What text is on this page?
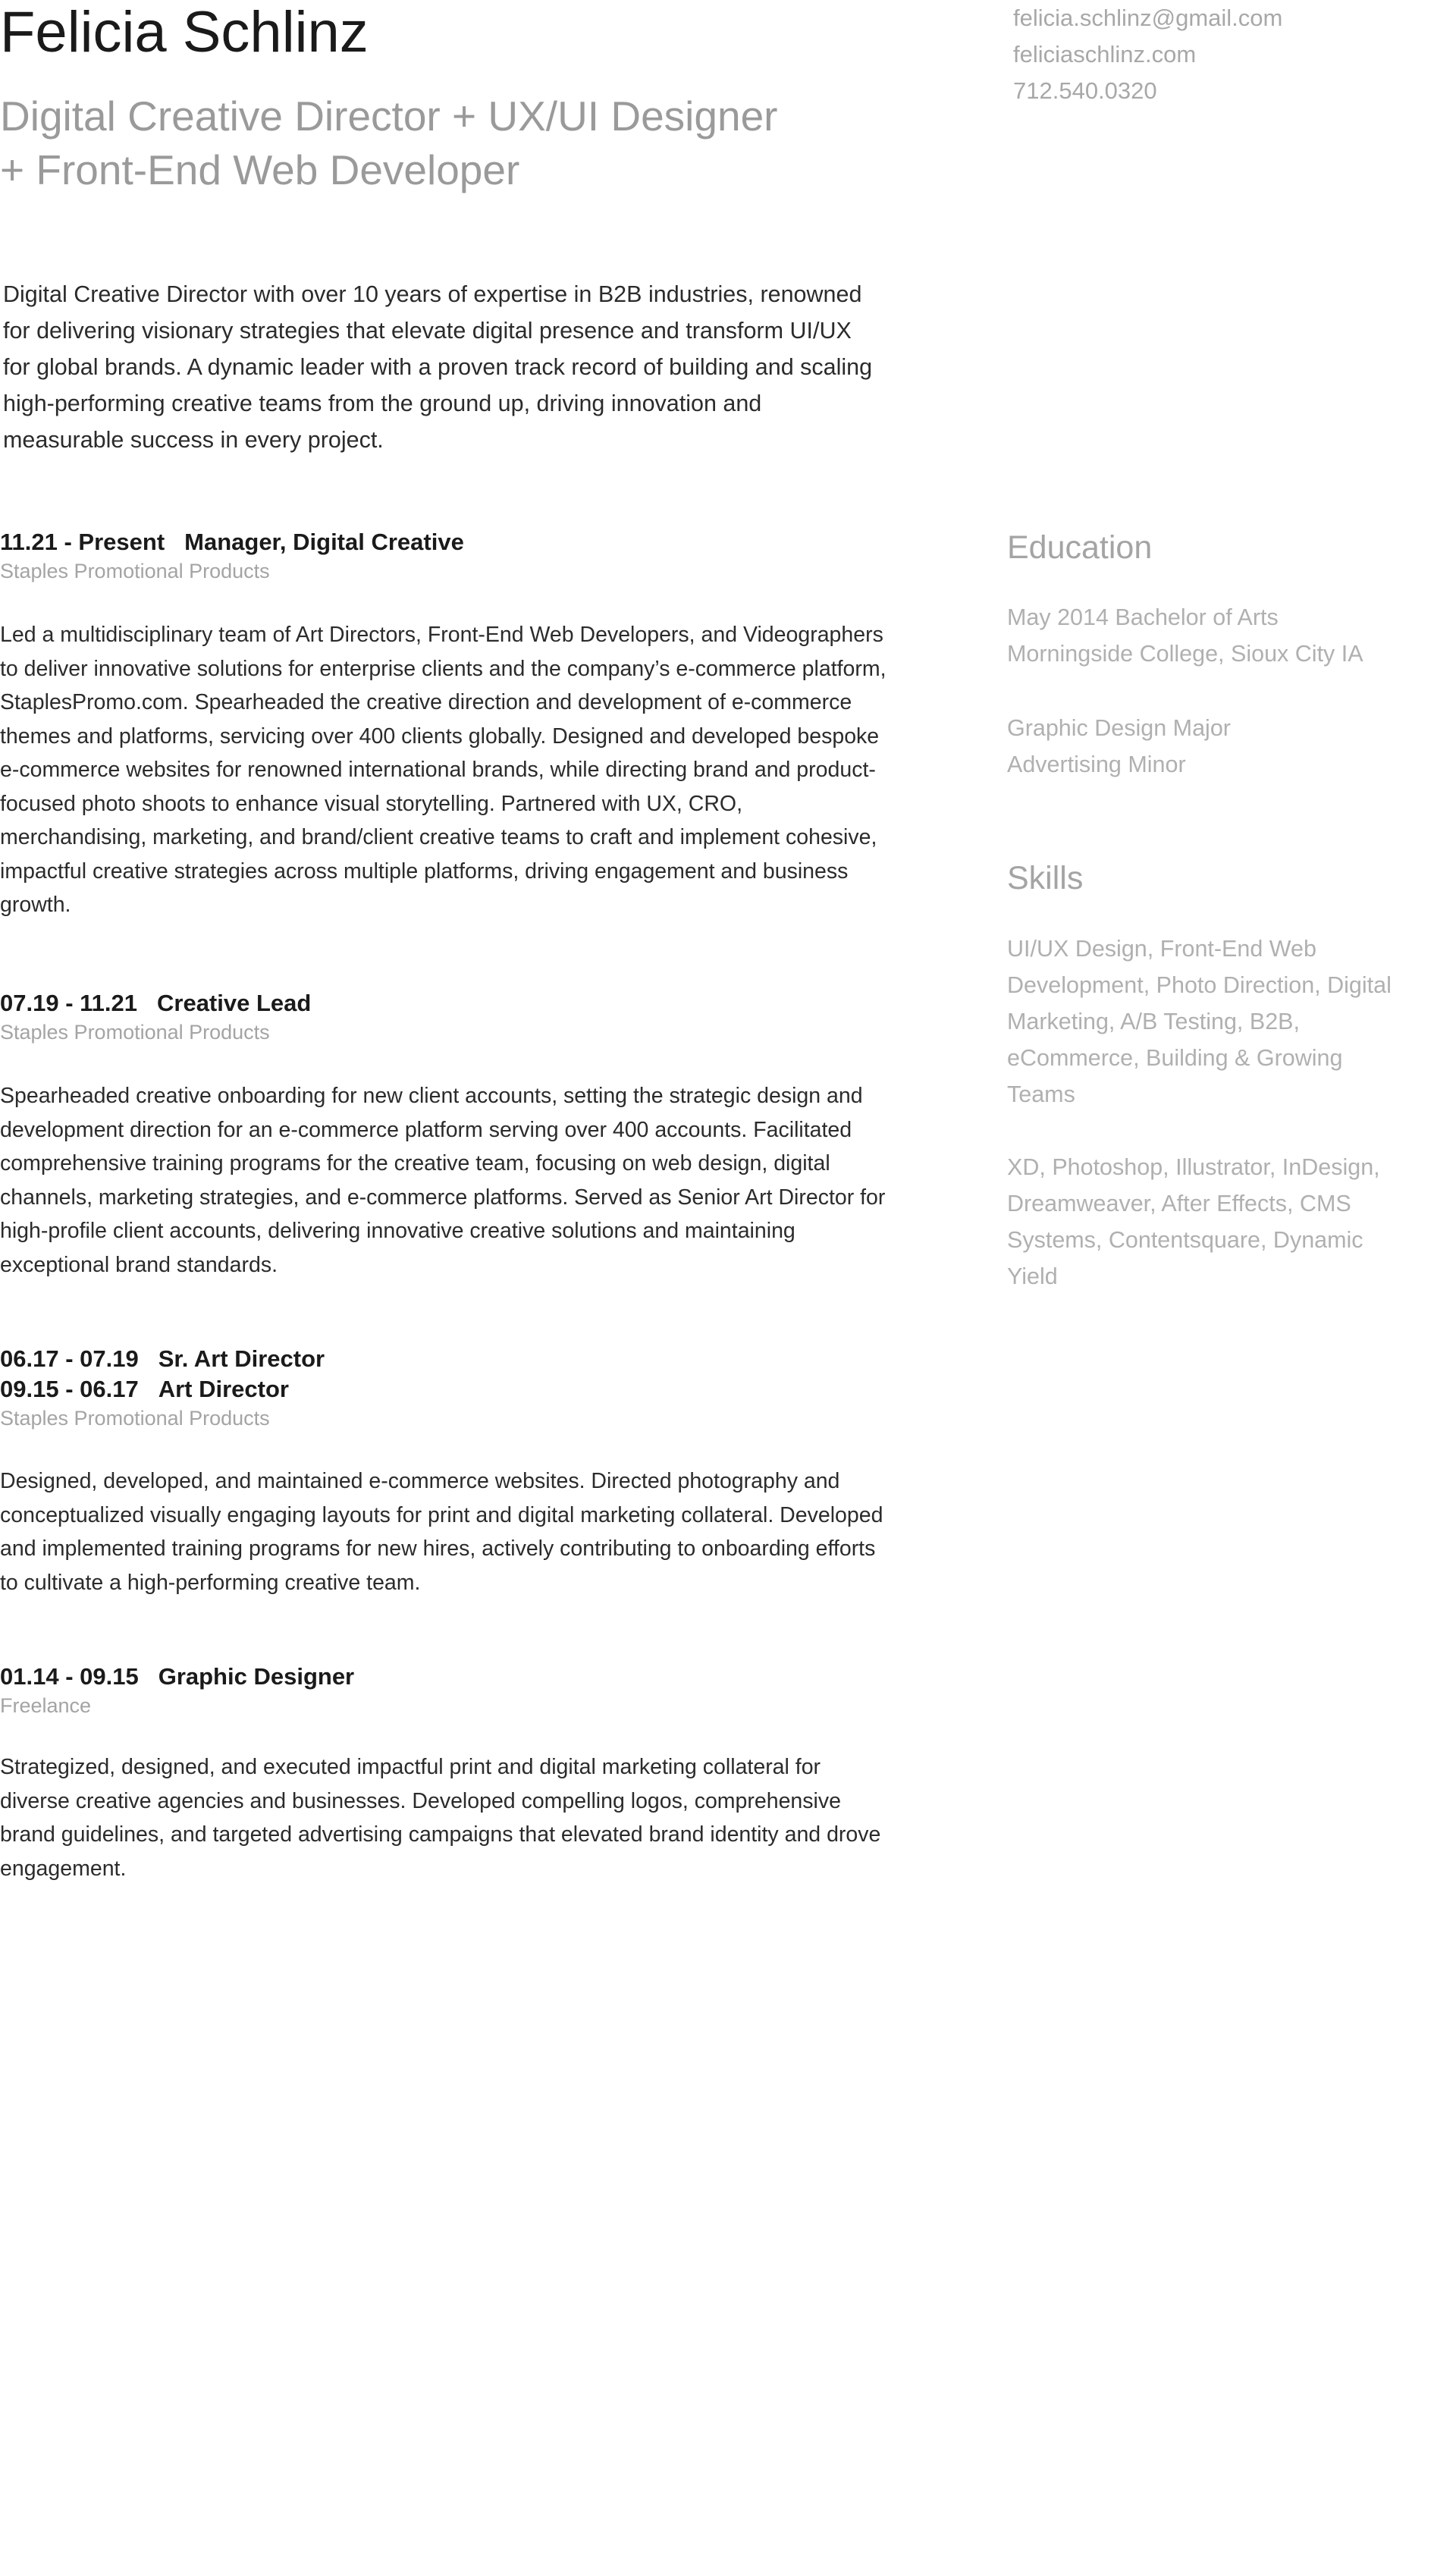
Felicia Schlinz
Digital Creative Director + UX/UI Designer
+ Front-End Web Developer
felicia.schlinz@gmail.com
feliciaschlinz.com
712.540.0320
Digital Creative Director with over 10 years of expertise in B2B industries, renowned for delivering visionary strategies that elevate digital presence and transform UI/UX for global brands. A dynamic leader with a proven track record of building and scaling high-performing creative teams from the ground up, driving innovation and measurable success in every project.
11.21 - Present Manager, Digital Creative
Staples Promotional Products
Led a multidisciplinary team of Art Directors, Front-End Web Developers, and Videographers to deliver innovative solutions for enterprise clients and the company’s e-commerce platform, StaplesPromo.com. Spearheaded the creative direction and development of e-commerce themes and platforms, servicing over 400 clients globally. Designed and developed bespoke e-commerce websites for renowned international brands, while directing brand and product-focused photo shoots to enhance visual storytelling. Partnered with UX, CRO, merchandising, marketing, and brand/client creative teams to craft and implement cohesive, impactful creative strategies across multiple platforms, driving engagement and business growth.
07.19 - 11.21 Creative Lead
Staples Promotional Products
Spearheaded creative onboarding for new client accounts, setting the strategic design and development direction for an e-commerce platform serving over 400 accounts. Facilitated comprehensive training programs for the creative team, focusing on web design, digital channels, marketing strategies, and e-commerce platforms. Served as Senior Art Director for high-profile client accounts, delivering innovative creative solutions and maintaining exceptional brand standards.
06.17 - 07.19 Sr. Art Director
09.15 - 06.17 Art Director
Staples Promotional Products
Designed, developed, and maintained e-commerce websites. Directed photography and conceptualized visually engaging layouts for print and digital marketing collateral. Developed and implemented training programs for new hires, actively contributing to onboarding efforts to cultivate a high-performing creative team.
01.14 - 09.15 Graphic Designer
Freelance
Strategized, designed, and executed impactful print and digital marketing collateral for diverse creative agencies and businesses. Developed compelling logos, comprehensive brand guidelines, and targeted advertising campaigns that elevated brand identity and drove engagement.
Education
May 2014 Bachelor of Arts
Morningside College, Sioux City IA
Graphic Design Major
Advertising Minor
Skills
UI/UX Design, Front-End Web Development, Photo Direction, Digital Marketing, A/B Testing, B2B, eCommerce, Building & Growing Teams
XD, Photoshop, Illustrator, InDesign, Dreamweaver, After Effects, CMS Systems, Contentsquare, Dynamic Yield
